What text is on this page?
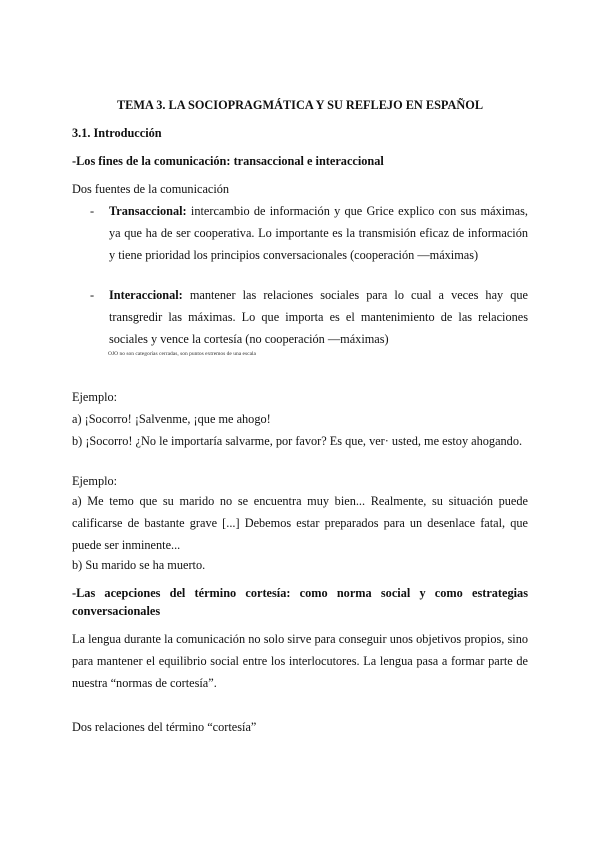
TEMA 3. LA SOCIOPRAGMÁTICA Y SU REFLEJO EN ESPAÑOL
3.1. Introducción
-Los fines de la comunicación: transaccional e interaccional
Dos fuentes de la comunicación
- Transaccional: intercambio de información y que Grice explico con sus máximas, ya que ha de ser cooperativa. Lo importante es la transmisión eficaz de información y tiene prioridad los principios conversacionales (cooperación —máximas)
- Interaccional: mantener las relaciones sociales para lo cual a veces hay que transgredir las máximas. Lo que importa es el mantenimiento de las relaciones sociales y vence la cortesía (no cooperación —máximas)
OJO no son categorías cerradas, son puntos extremos de una escala
Ejemplo:
a) ¡Socorro! ¡Salvenme, ¡que me ahogo!
b) ¡Socorro! ¿No le importaría salvarme, por favor? Es que, ver· usted, me estoy ahogando.
Ejemplo:
a) Me temo que su marido no se encuentra muy bien... Realmente, su situación puede calificarse de bastante grave [...] Debemos estar preparados para un desenlace fatal, que puede ser inminente...
b) Su marido se ha muerto.
-Las acepciones del término cortesía: como norma social y como estrategias conversacionales
La lengua durante la comunicación no solo sirve para conseguir unos objetivos propios, sino para mantener el equilibrio social entre los interlocutores. La lengua pasa a formar parte de nuestra “normas de cortesía”.
Dos relaciones del término “cortesía”
